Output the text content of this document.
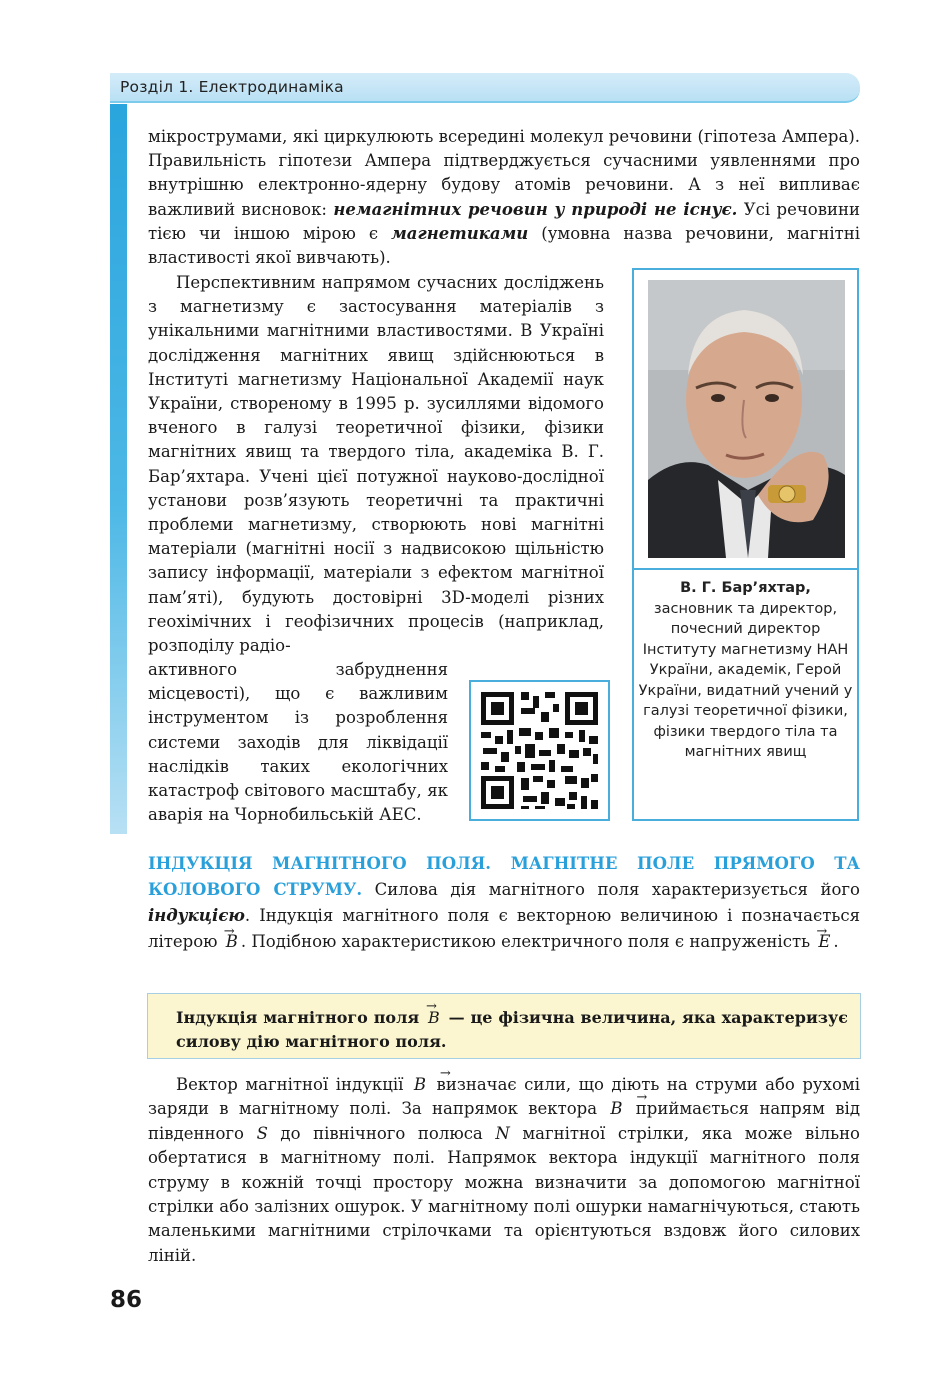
Розділ 1. Електродинаміка

мікрострумами, які циркулюють всередині молекул речовини (гіпотеза Ампера). Правильність гіпотези Ампера підтверджується сучасними уявленнями про внутрішню електронно-ядерну будову атомів речовини. А з неї випливає важливий висновок: немагнітних речовин у природі не існує. Усі речовини тією чи іншою мірою є магнетиками (умовна назва речовини, магнітні властивості якої вивчають).

Перспективним напрямом сучасних досліджень з магнетизму є застосування матеріалів з унікальними магнітними властивостями. В Україні дослідження магнітних явищ здійснюються в Інституті магнетизму Національної Академії наук України, створеному в 1995 р. зусиллями відомого вченого в галузі теоретичної фізики, фізики магнітних явищ та твердого тіла, академіка В. Г. Бар’яхтара. Учені цієї потужної науково-дослідної установи розв’язують теоретичні та практичні проблеми магнетизму, створюють нові магнітні матеріали (магнітні носії з надвисокою щільністю запису інформації, матеріали з ефектом магнітної пам’яті), будують достовірні 3D-моделі різних геохімічних і геофізичних процесів (наприклад, розподілу радіо-

активного забруднення місцевості), що є важливим інструментом із розроблення системи заходів для ліквідації наслідків таких екологічних катастроф світового масштабу, як аварія на Чорнобильській АЕС.

В. Г. Бар’яхтар,
засновник та директор, почесний директор Інституту магнетизму НАН України, академік, Герой України, видатний учений у галузі теоретичної фізики, фізики твердого тіла та магнітних явищ

ІНДУКЦІЯ МАГНІТНОГО ПОЛЯ. МАГНІТНЕ ПОЛЕ ПРЯМОГО ТА КОЛОВОГО СТРУМУ. Силова дія магнітного поля характеризується його індукцією. Індукція магнітного поля є векторною величиною і позначається літерою → B . Подібною характеристикою електричного поля є напруженість → E .

Індукція магнітного поля → B — це фізична величина, яка характеризує силову дію магнітного поля.

Вектор магнітної індукції → B визначає сили, що діють на струми або рухомі заряди в магнітному полі. За напрямок вектора → B приймається напрям від південного S до північного полюса N магнітної стрілки, яка може вільно обертатися в магнітному полі. Напрямок вектора індукції магнітного поля струму в кожній точці простору можна визначити за допомогою магнітної стрілки або залізних ошурок. У магнітному полі ошурки намагнічуються, стають маленькими магнітними стрілочками та орієнтуються вздовж його силових ліній.

86
